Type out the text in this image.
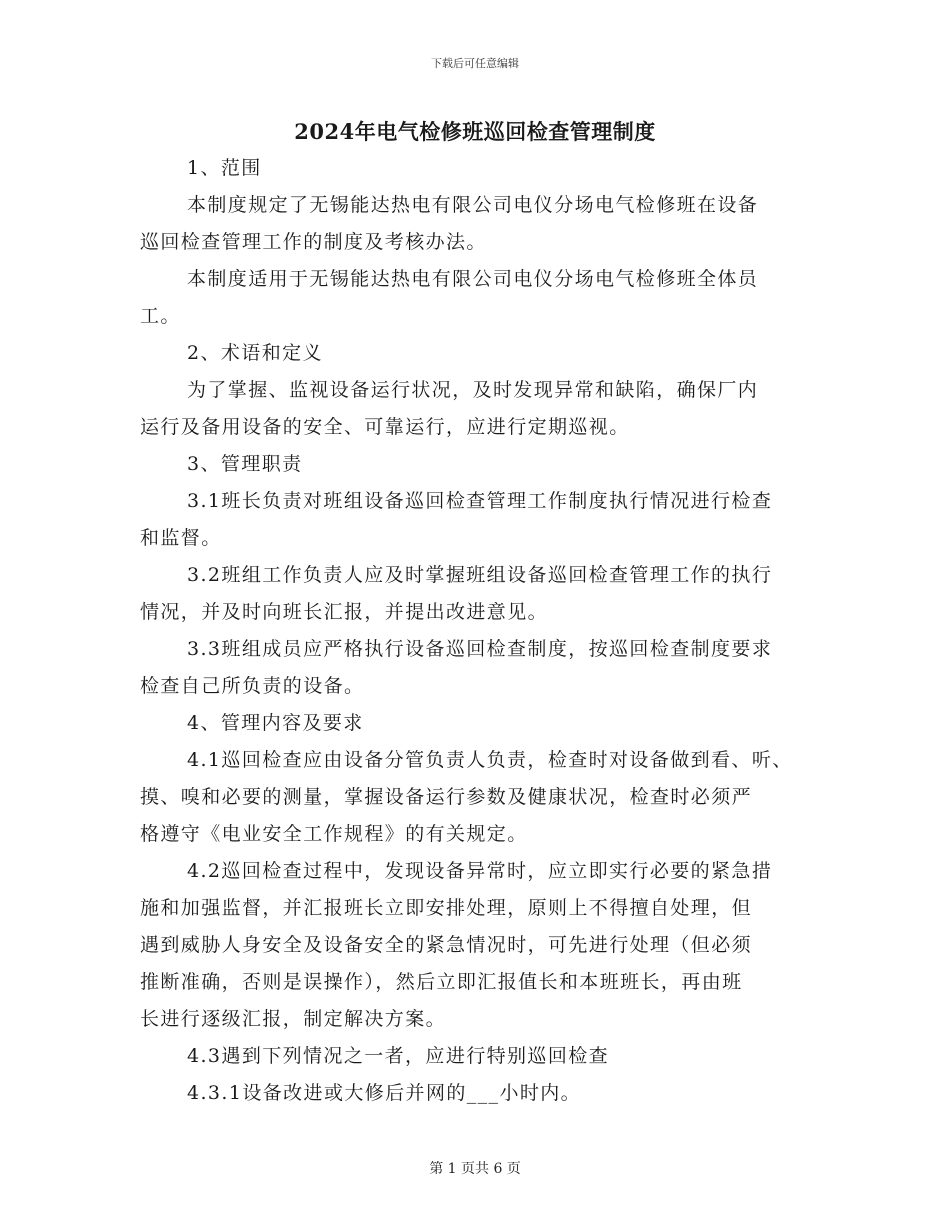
下载后可任意编辑
2024年电气检修班巡回检查管理制度
1、范围
本制度规定了无锡能达热电有限公司电仪分场电气检修班在设备
巡回检查管理工作的制度及考核办法。
本制度适用于无锡能达热电有限公司电仪分场电气检修班全体员
工。
2、术语和定义
为了掌握、监视设备运行状况，及时发现异常和缺陷，确保厂内
运行及备用设备的安全、可靠运行，应进行定期巡视。
3、管理职责
3.1班长负责对班组设备巡回检查管理工作制度执行情况进行检查
和监督。
3.2班组工作负责人应及时掌握班组设备巡回检查管理工作的执行
情况，并及时向班长汇报，并提出改进意见。
3.3班组成员应严格执行设备巡回检查制度，按巡回检查制度要求
检查自己所负责的设备。
4、管理内容及要求
4.1巡回检查应由设备分管负责人负责，检查时对设备做到看、听、
摸、嗅和必要的测量，掌握设备运行参数及健康状况，检查时必须严
格遵守《电业安全工作规程》的有关规定。
4.2巡回检查过程中，发现设备异常时，应立即实行必要的紧急措
施和加强监督，并汇报班长立即安排处理，原则上不得擅自处理，但
遇到威胁人身安全及设备安全的紧急情况时，可先进行处理（但必须
推断准确，否则是误操作），然后立即汇报值长和本班班长，再由班
长进行逐级汇报，制定解决方案。
4.3遇到下列情况之一者，应进行特别巡回检查
4.3.1设备改进或大修后并网的___小时内。
第 1 页共 6 页
